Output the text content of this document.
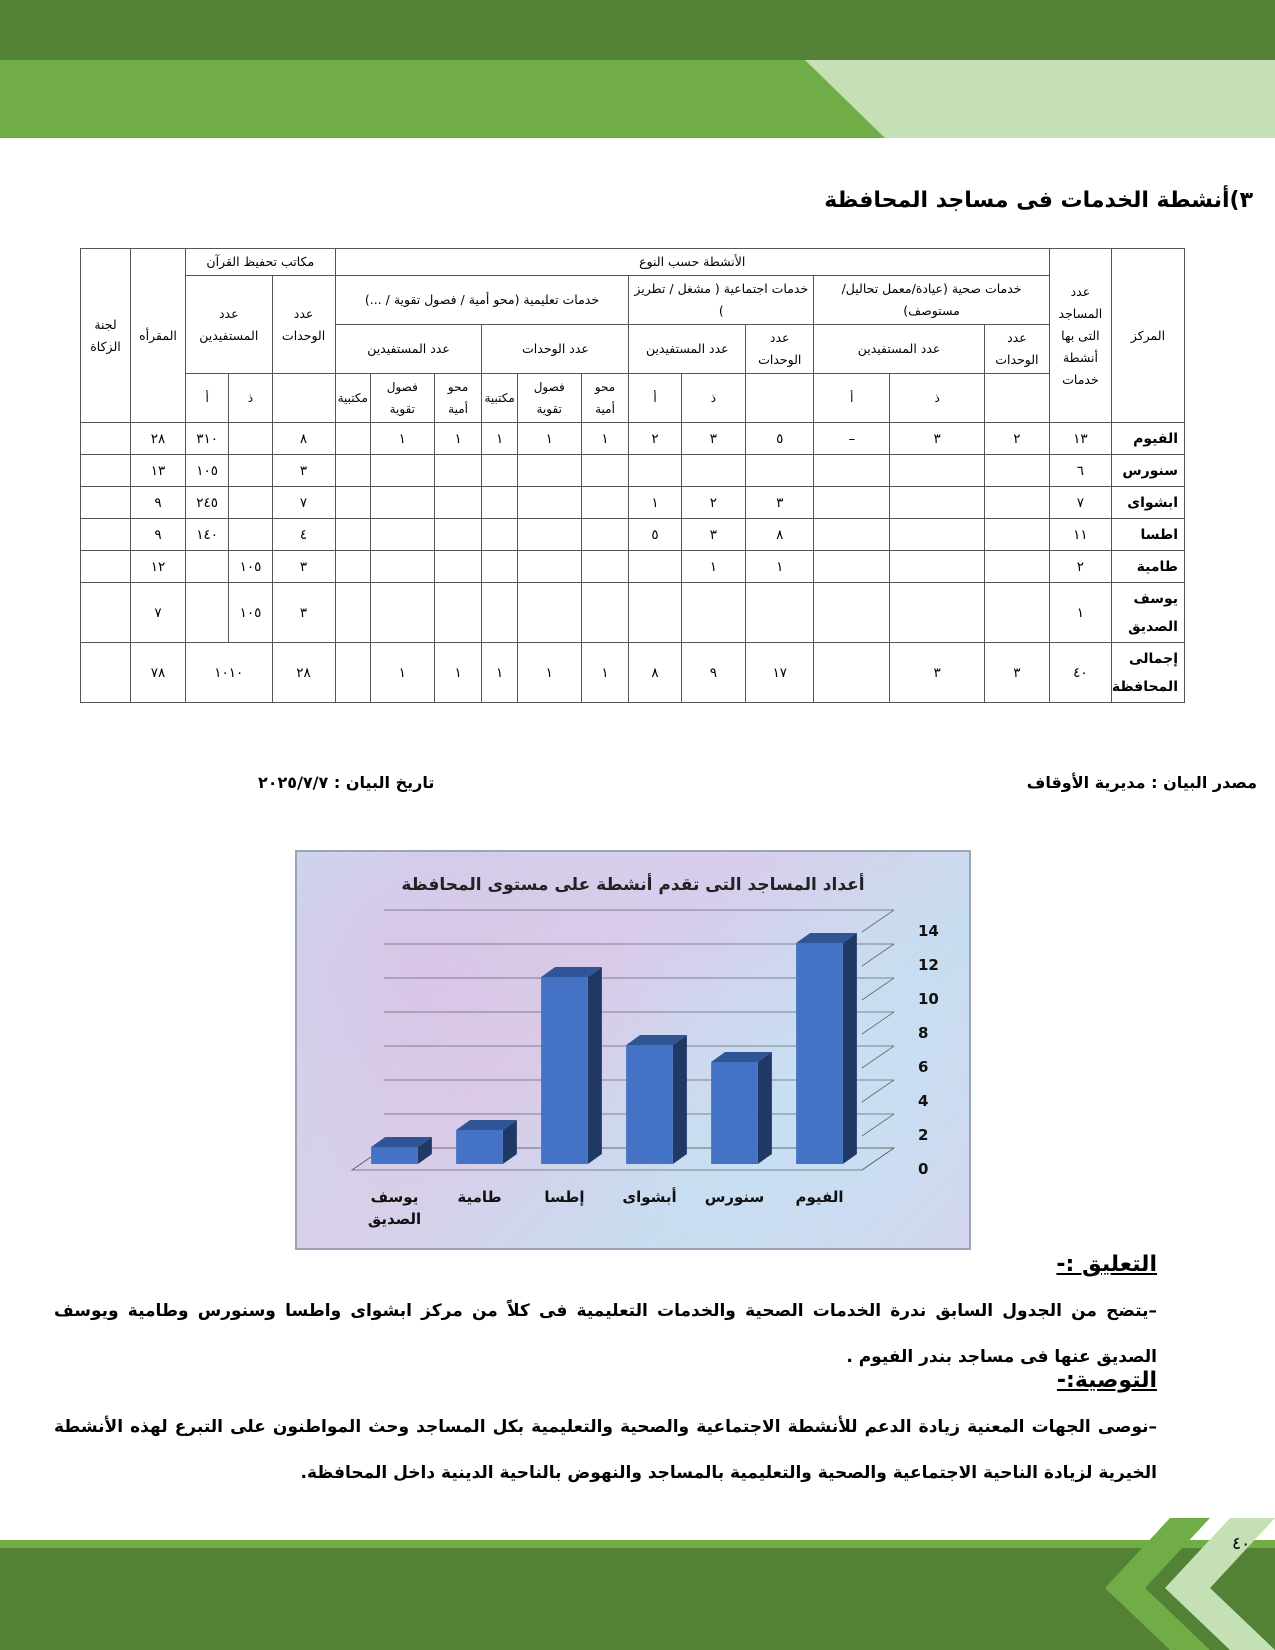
٣)أنشطة الخدمات فى مساجد المحافظة
المركز	عدد المساجد التى بها أنشطة خدمات	الأنشطة حسب النوع												مكاتب تحفيظ القرآن			المقرأه	لجنة الزكاة
		خدمات صحية (عيادة/معمل تحاليل/مستوصف)			خدمات اجتماعية ( مشغل / تطريز )			خدمات تعليمية (محو أمية / فصول تقوية / ...)						عدد الوحدات	عدد المستفيدين			
		عدد الوحدات	عدد المستفيدين		عدد الوحدات	عدد المستفيدين		عدد الوحدات			عدد المستفيدين							
			ذ	أ		ذ	أ	محو أمية	فصول تقوية	مكتبية	محو أمية	فصول تقوية	مكتبية		ذ	أ		
الفيوم	١٣	٢	٣	–	٥	٣	٢	١	١	١	١	١		٨		٣١٠	٢٨	
سنورس	٦													٣		١٠٥	١٣	
ابشواى	٧				٣	٢	١							٧		٢٤٥	٩	
اطسا	١١				٨	٣	٥							٤		١٤٠	٩	
طامية	٢				١	١								٣	١٠٥		١٢	
يوسف الصديق	١													٣	١٠٥		٧	
إجمالى المحافظة	٤٠	٣	٣		١٧	٩	٨	١	١	١	١	١		٢٨	١٠١٠		٧٨	
مصدر البيان : مديرية الأوقاف
تاريخ البيان : ٢٠٢٥/٧/٧
أعداد المساجد التى تقدم أنشطة على مستوى المحافظة
0
2
4
6
8
10
12
14
الفيوم
سنورس
أبشواى
إطسا
طامية
يوسف
الصديق
التعليق :-
–يتضح من الجدول السابق ندرة الخدمات الصحية والخدمات التعليمية فى كلاً من مركز ابشواى واطسا وسنورس وطامية ويوسف الصديق عنها فى مساجد بندر الفيوم .
التوصية:-
–نوصى الجهات المعنية زيادة الدعم للأنشطة الاجتماعية والصحية والتعليمية بكل المساجد وحث المواطنون على التبرع لهذه الأنشطة الخيرية لزيادة الناحية الاجتماعية والصحية والتعليمية بالمساجد والنهوض بالناحية الدينية داخل المحافظة.
٤٠
